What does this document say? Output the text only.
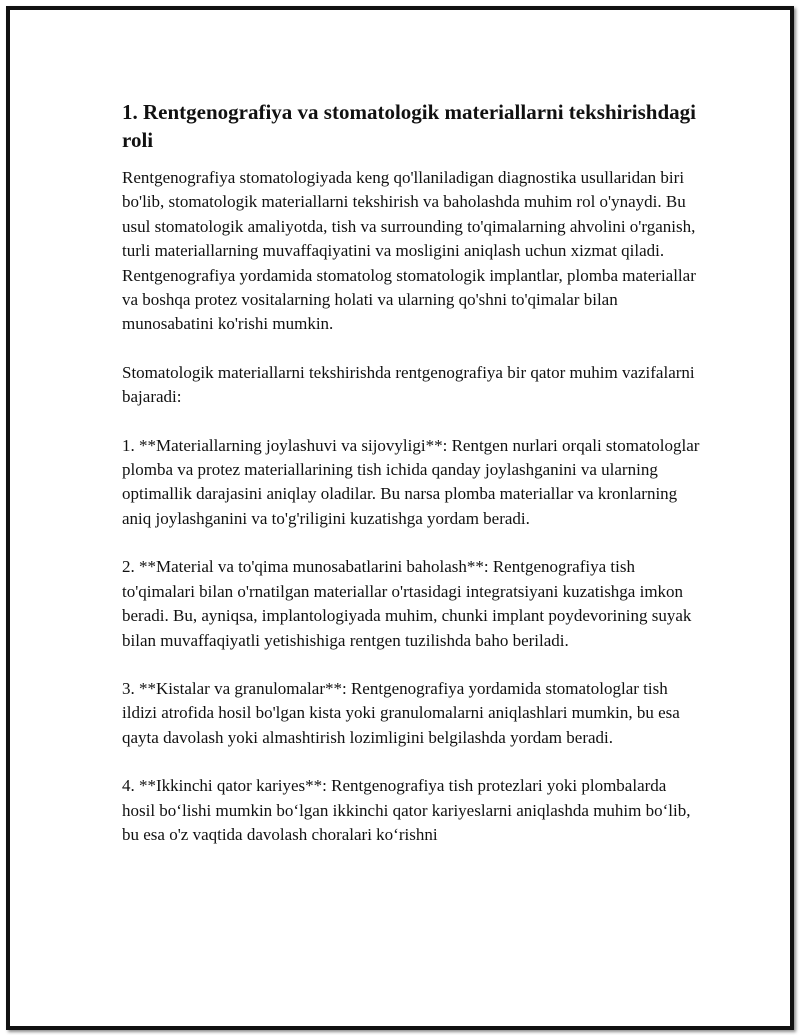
1. Rentgenografiya va stomatologik materiallarni tekshirishdagi roli

Rentgenografiya stomatologiyada keng qo'llaniladigan diagnostika usullaridan biri bo'lib, stomatologik materiallarni tekshirish va baholashda muhim rol o'ynaydi. Bu usul stomatologik amaliyotda, tish va surrounding to'qimalarning ahvolini o'rganish, turli materiallarning muvaffaqiyatini va mosligini aniqlash uchun xizmat qiladi. Rentgenografiya yordamida stomatolog stomatologik implantlar, plomba materiallar va boshqa protez vositalarning holati va ularning qo'shni to'qimalar bilan munosabatini ko'rishi mumkin.

Stomatologik materiallarni tekshirishda rentgenografiya bir qator muhim vazifalarni bajaradi:

1. **Materiallarning joylashuvi va sijovyligi**: Rentgen nurlari orqali stomatologlar plomba va protez materiallarining tish ichida qanday joylashganini va ularning optimallik darajasini aniqlay oladilar. Bu narsa plomba materiallar va kronlarning aniq joylashganini va to'g'riligini kuzatishga yordam beradi.

2. **Material va to'qima munosabatlarini baholash**: Rentgenografiya tish to'qimalari bilan o'rnatilgan materiallar o'rtasidagi integratsiyani kuzatishga imkon beradi. Bu, ayniqsa, implantologiyada muhim, chunki implant poydevorining suyak bilan muvaffaqiyatli yetishishiga rentgen tuzilishda baho beriladi.

3. **Kistalar va granulomalar**: Rentgenografiya yordamida stomatologlar tish ildizi atrofida hosil bo'lgan kista yoki granulomalarni aniqlashlari mumkin, bu esa qayta davolash yoki almashtirish lozimligini belgilashda yordam beradi.

4. **Ikkinchi qator kariyes**: Rentgenografiya tish protezlari yoki plombalarda hosil bo‘lishi mumkin bo‘lgan ikkinchi qator kariyeslarni aniqlashda muhim bo‘lib, bu esa o'z vaqtida davolash choralari ko‘rishni
